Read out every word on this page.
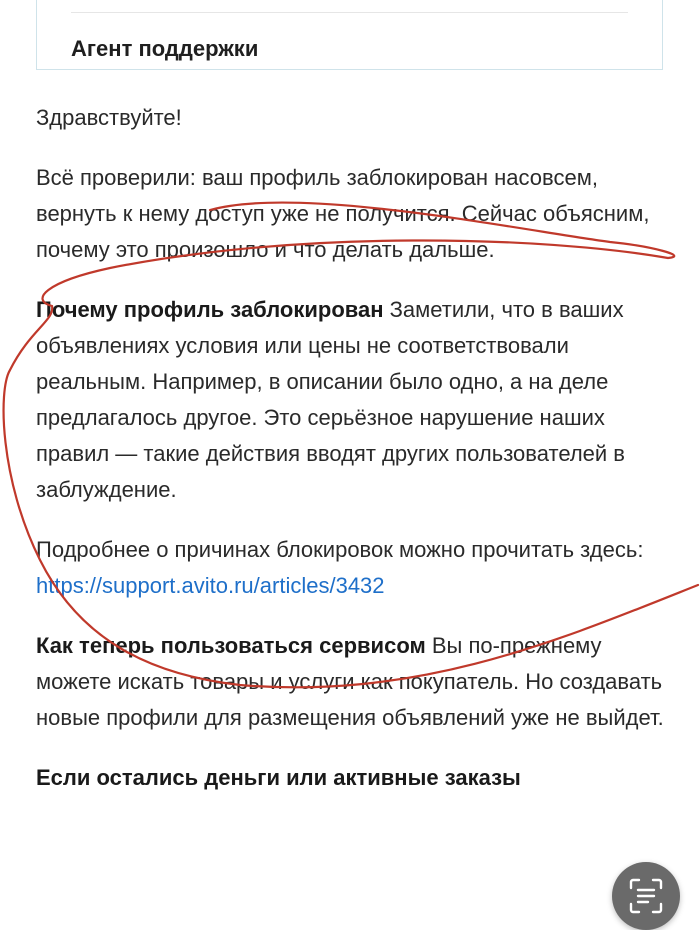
Агент поддержки

Здравствуйте!

Всё проверили: ваш профиль заблокирован насовсем, вернуть к нему доступ уже не получится. Сейчас объясним, почему это произошло и что делать дальше.

Почему профиль заблокирован Заметили, что в ваших объявлениях условия или цены не соответствовали реальным. Например, в описании было одно, а на деле предлагалось другое. Это серьёзное нарушение наших правил — такие действия вводят других пользователей в заблуждение.

Подробнее о причинах блокировок можно прочитать здесь: https://support.avito.ru/articles/3432

Как теперь пользоваться сервисом Вы по-прежнему можете искать товары и услуги как покупатель. Но создавать новые профили для размещения объявлений уже не выйдет.

Если остались деньги или активные заказы
